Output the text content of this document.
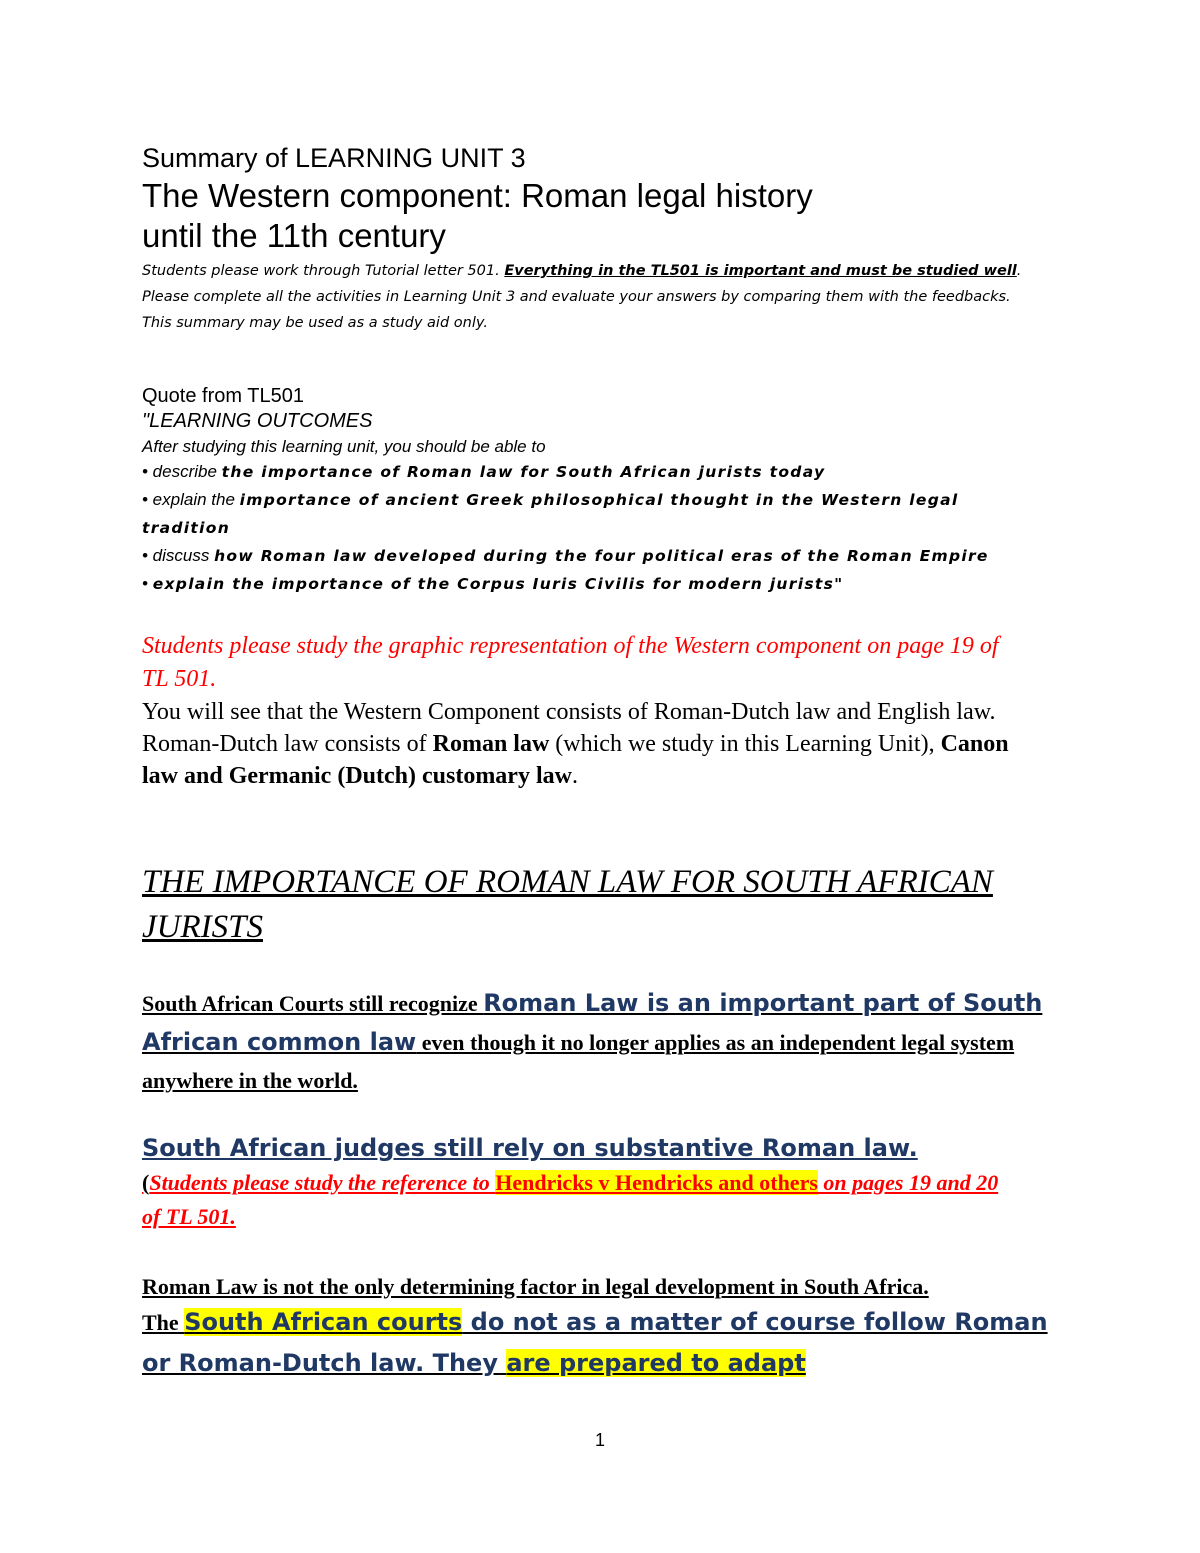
Summary of LEARNING UNIT 3

The Western component: Roman legal history

until the 11th century

Students please work through Tutorial letter 501. Everything in the TL501 is important and must be studied well. Please complete all the activities in Learning Unit 3 and evaluate your answers by comparing them with the feedbacks. This summary may be used as a study aid only.

Quote from TL501

"LEARNING OUTCOMES

After studying this learning unit, you should be able to

• describe the importance of Roman law for South African jurists today
• explain the importance of ancient Greek philosophical thought in the Western legal tradition
• discuss how Roman law developed during the four political eras of the Roman Empire
• explain the importance of the Corpus Iuris Civilis for modern jurists"

Students please study the graphic representation of the Western component on page 19 of TL 501.

You will see that the Western Component consists of Roman-Dutch law and English law. Roman-Dutch law consists of Roman law (which we study in this Learning Unit), Canon law and Germanic (Dutch) customary law.

THE IMPORTANCE OF ROMAN LAW FOR SOUTH AFRICAN JURISTS

South African Courts still recognize Roman Law is an important part of South African common law even though it no longer applies as an independent legal system anywhere in the world.

South African judges still rely on substantive Roman law.

(Students please study the reference to Hendricks v Hendricks and others on pages 19 and 20 of TL 501.

Roman Law is not the only determining factor in legal development in South Africa.

The South African courts do not as a matter of course follow Roman or Roman-Dutch law. They are prepared to adapt

1
